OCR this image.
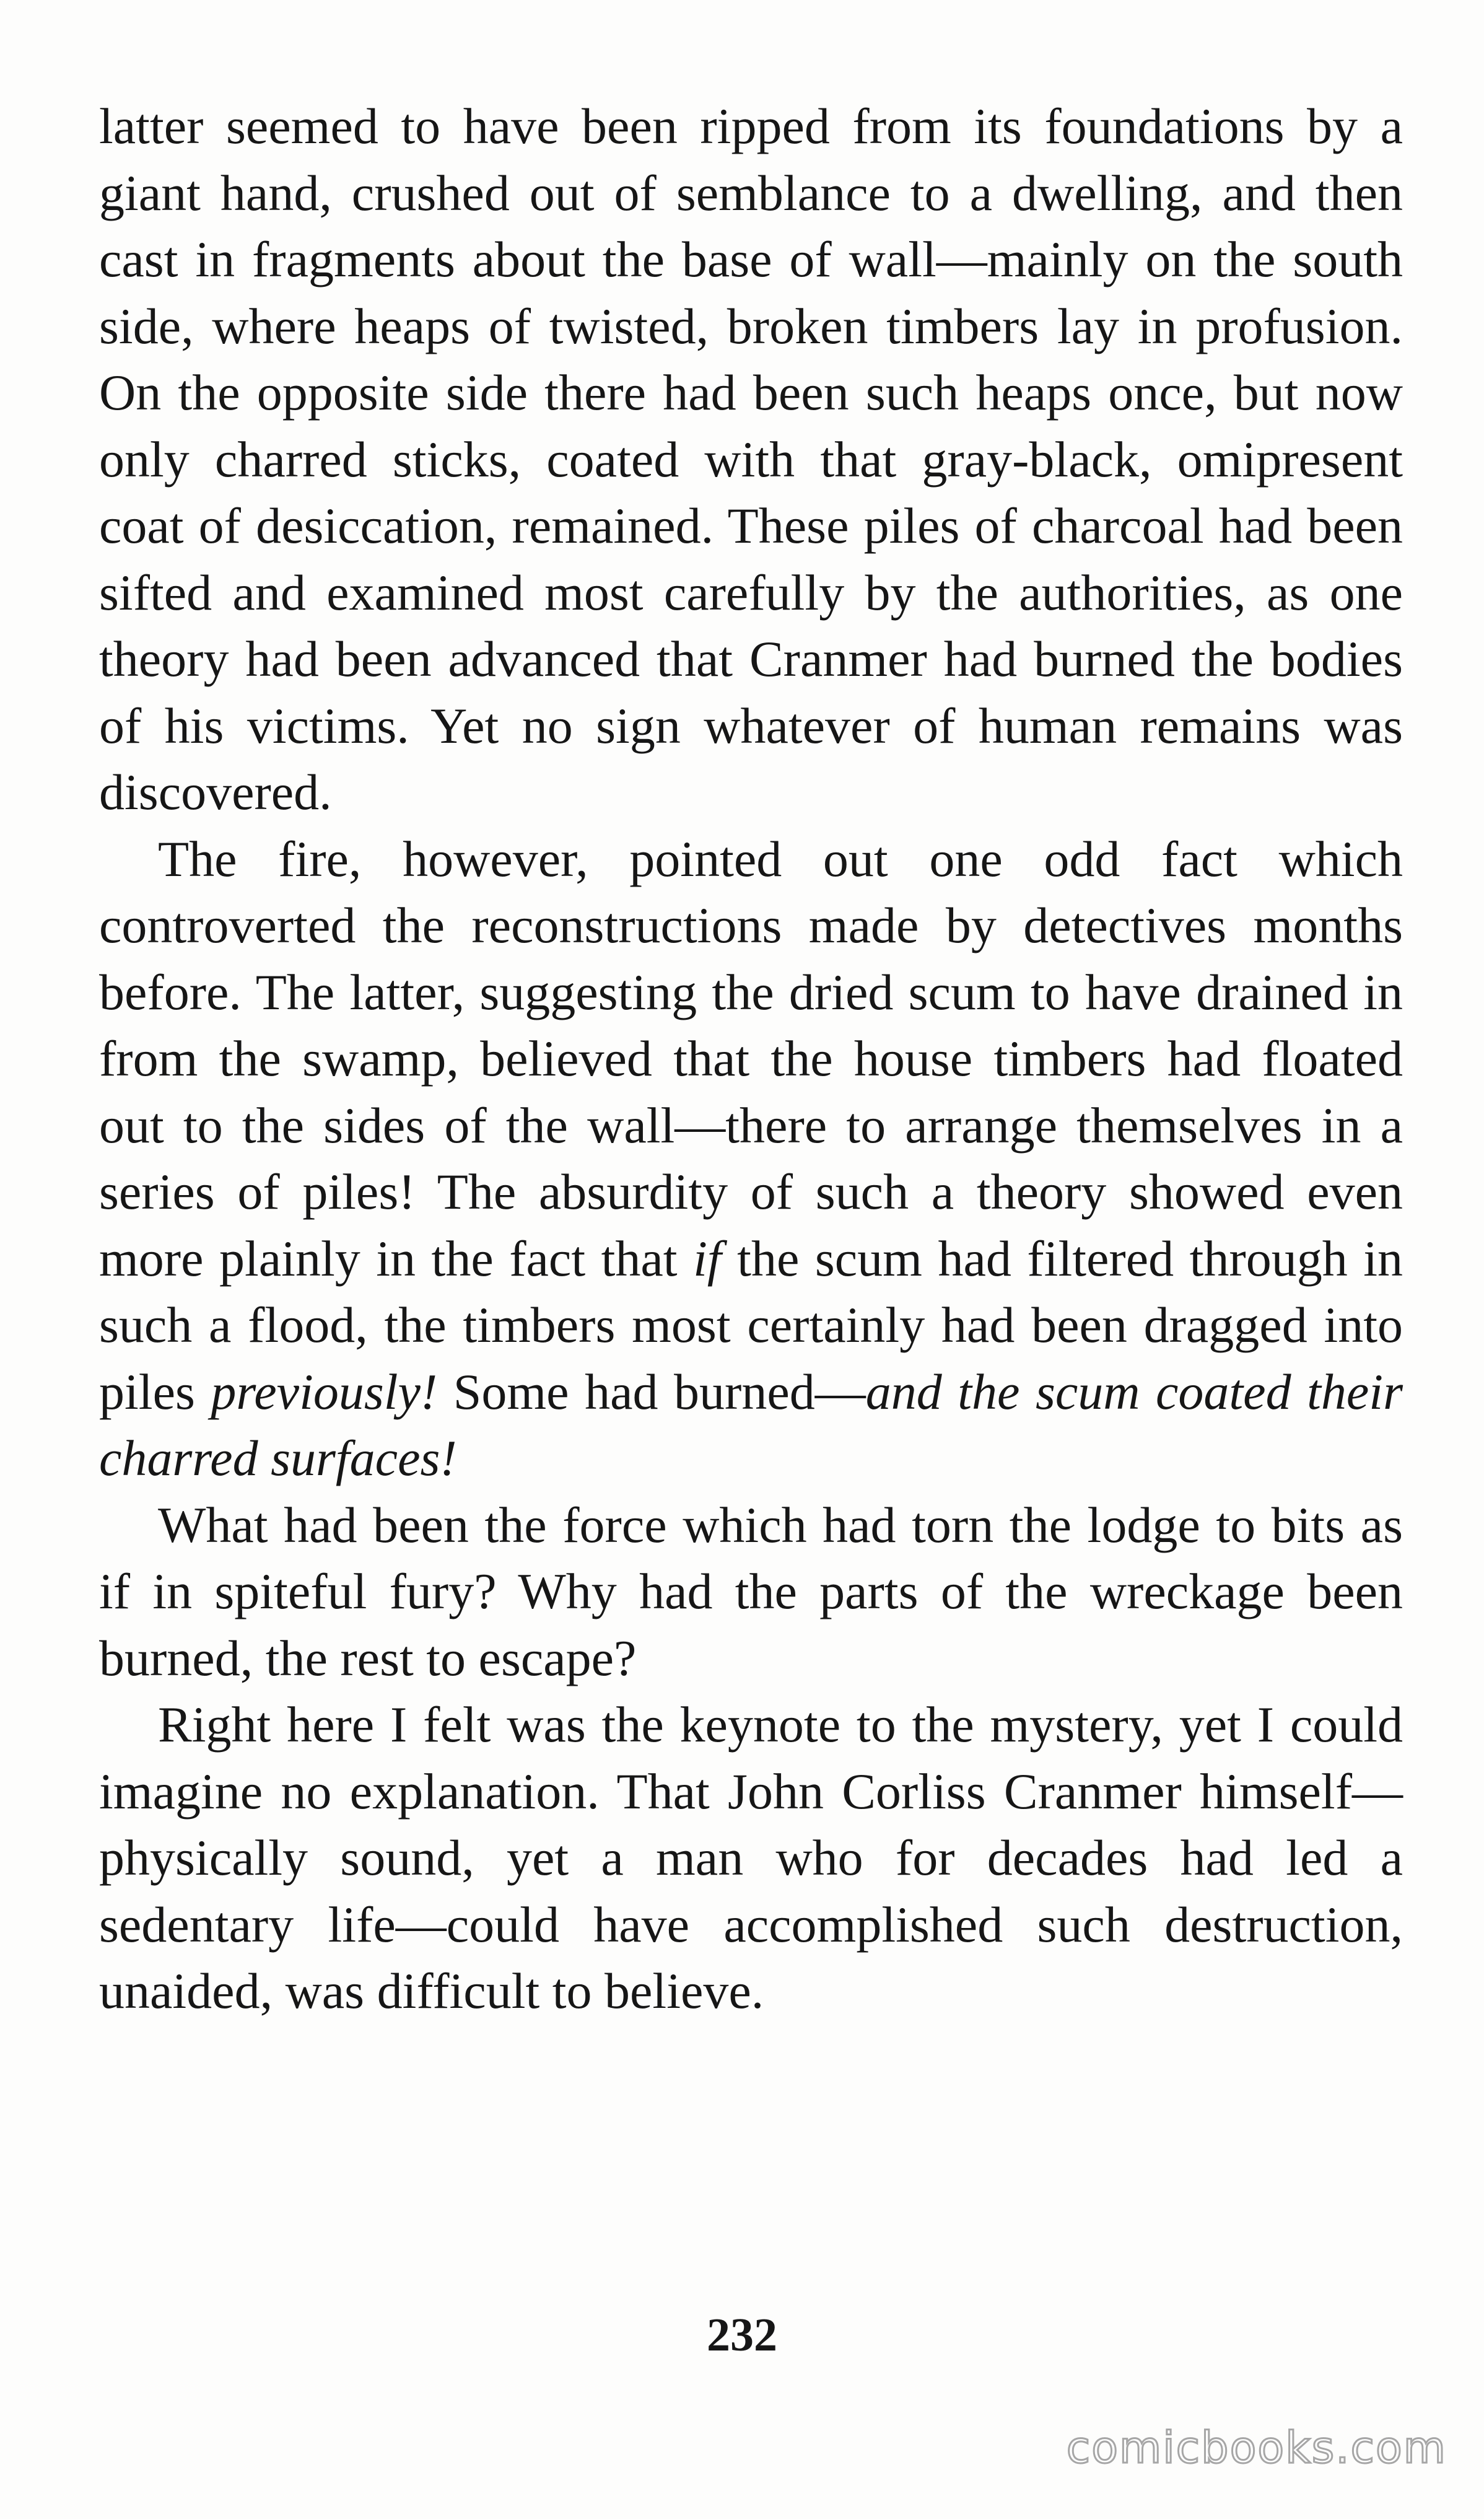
latter seemed to have been ripped from its foundations by a giant hand, crushed out of semblance to a dwelling, and then cast in fragments about the base of wall—mainly on the south side, where heaps of twisted, broken timbers lay in profusion. On the opposite side there had been such heaps once, but now only charred sticks, coated with that gray-black, omipresent coat of desiccation, remained. These piles of charcoal had been sifted and examined most carefully by the authorities, as one theory had been advanced that Cranmer had burned the bodies of his victims. Yet no sign whatever of human remains was discovered.

The fire, however, pointed out one odd fact which controverted the reconstructions made by detectives months before. The latter, suggesting the dried scum to have drained in from the swamp, believed that the house timbers had floated out to the sides of the wall—there to arrange themselves in a series of piles! The absurdity of such a theory showed even more plainly in the fact that if the scum had filtered through in such a flood, the timbers most certainly had been dragged into piles previously! Some had burned—and the scum coated their charred surfaces!

What had been the force which had torn the lodge to bits as if in spiteful fury? Why had the parts of the wreckage been burned, the rest to escape?

Right here I felt was the keynote to the mystery, yet I could imagine no explanation. That John Corliss Cranmer himself—physically sound, yet a man who for decades had led a sedentary life—could have accomplished such destruction, unaided, was difficult to believe.

232
comicbooks.com
